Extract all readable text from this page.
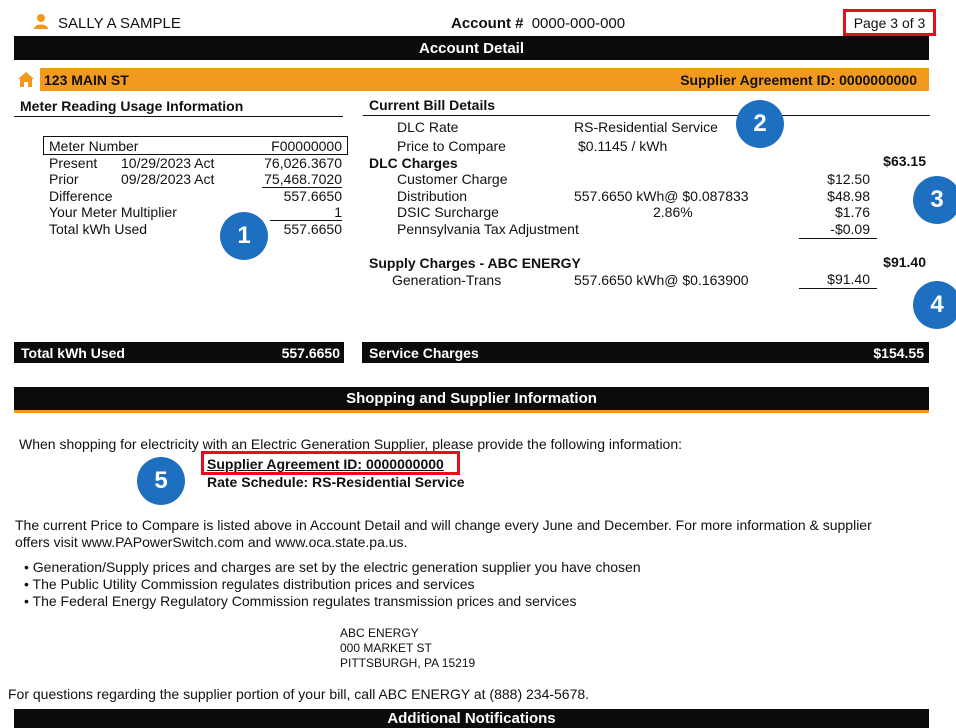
SALLY A SAMPLE	Account # 0000-000-000	Page 3 of 3
Account Detail
123 MAIN ST	Supplier Agreement ID: 0000000000
Meter Reading Usage Information
Meter Number	F00000000
Present 10/29/2023 Act	76,026.3670
Prior	09/28/2023 Act	75,468.7020
Difference	557.6650
Your Meter Multiplier	1
Total kWh Used	557.6650
Current Bill Details
DLC Rate	RS-Residential Service
Price to Compare	$0.1145 / kWh
DLC Charges	$63.15
Customer Charge	$12.50
Distribution	557.6650 kWh@ $0.087833	$48.98
DSIC Surcharge	2.86%	$1.76
Pennsylvania Tax Adjustment	-$0.09
Supply Charges - ABC ENERGY	$91.40
Generation-Trans	557.6650 kWh@ $0.163900	$91.40
Total kWh Used	557.6650 Service Charges	$154.55
Shopping and Supplier Information
When shopping for electricity with an Electric Generation Supplier, please provide the following information:
Supplier Agreement ID: 0000000000
Rate Schedule: RS-Residential Service
The current Price to Compare is listed above in Account Detail and will change every June and December. For more information & supplier
offers visit www.PAPowerSwitch.com and www.oca.state.pa.us.
• Generation/Supply prices and charges are set by the electric generation supplier you have chosen
• The Public Utility Commission regulates distribution prices and services
• The Federal Energy Regulatory Commission regulates transmission prices and services
ABC ENERGY
000 MARKET ST
PITTSBURGH, PA 15219
For questions regarding the supplier portion of your bill, call ABC ENERGY at (888) 234-5678.
Additional Notifications
1
2
3
4
5
